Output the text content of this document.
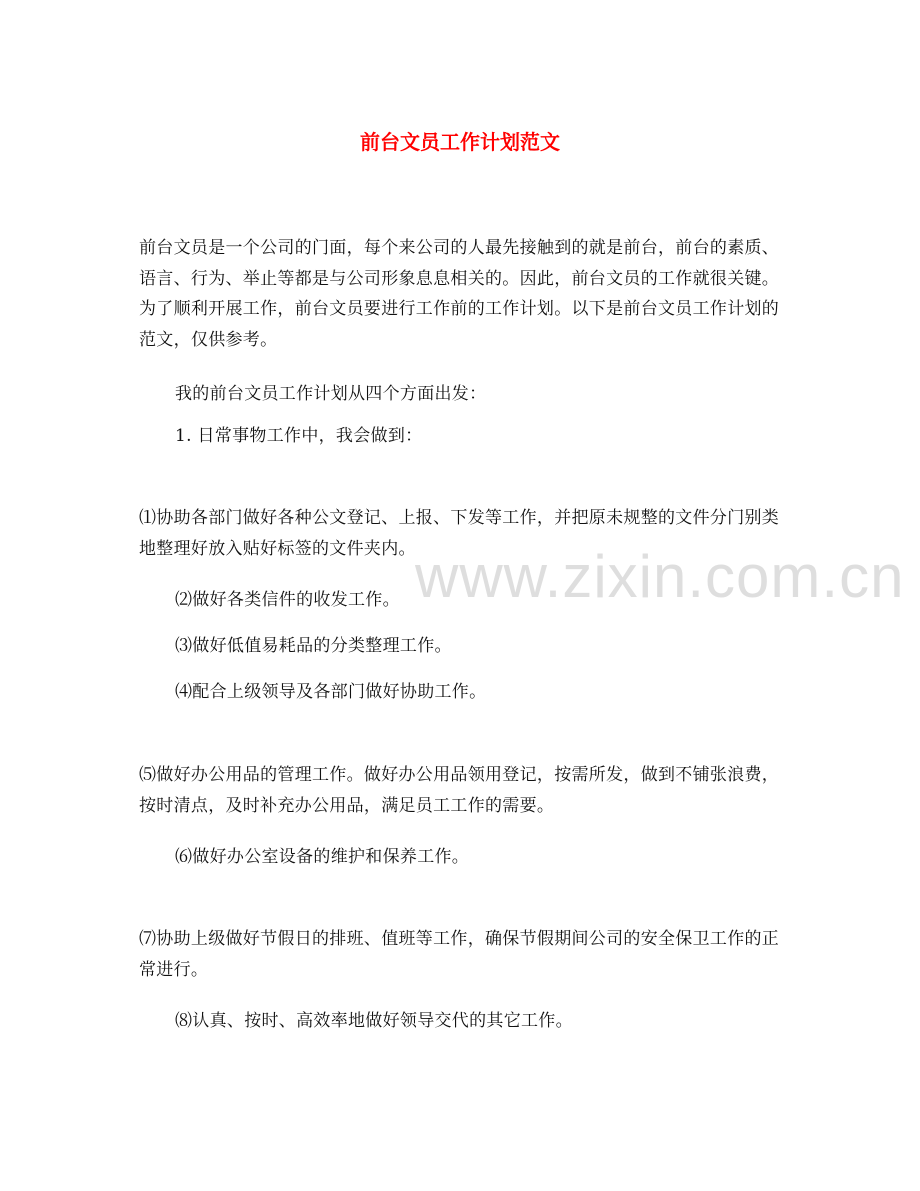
前台文员工作计划范文

前台文员是一个公司的门面，每个来公司的人最先接触到的就是前台，前台的素质、语言、行为、举止等都是与公司形象息息相关的。因此，前台文员的工作就很关键。为了顺利开展工作，前台文员要进行工作前的工作计划。以下是前台文员工作计划的范文，仅供参考。

我的前台文员工作计划从四个方面出发：

1. 日常事物工作中，我会做到：

⑴协助各部门做好各种公文登记、上报、下发等工作，并把原未规整的文件分门别类地整理好放入贴好标签的文件夹内。

⑵做好各类信件的收发工作。

⑶做好低值易耗品的分类整理工作。

⑷配合上级领导及各部门做好协助工作。

⑸做好办公用品的管理工作。做好办公用品领用登记，按需所发，做到不铺张浪费，按时清点，及时补充办公用品，满足员工工作的需要。

⑹做好办公室设备的维护和保养工作。

⑺协助上级做好节假日的排班、值班等工作，确保节假期间公司的安全保卫工作的正常进行。

⑻认真、按时、高效率地做好领导交代的其它工作。

www.zixin.com.cn
